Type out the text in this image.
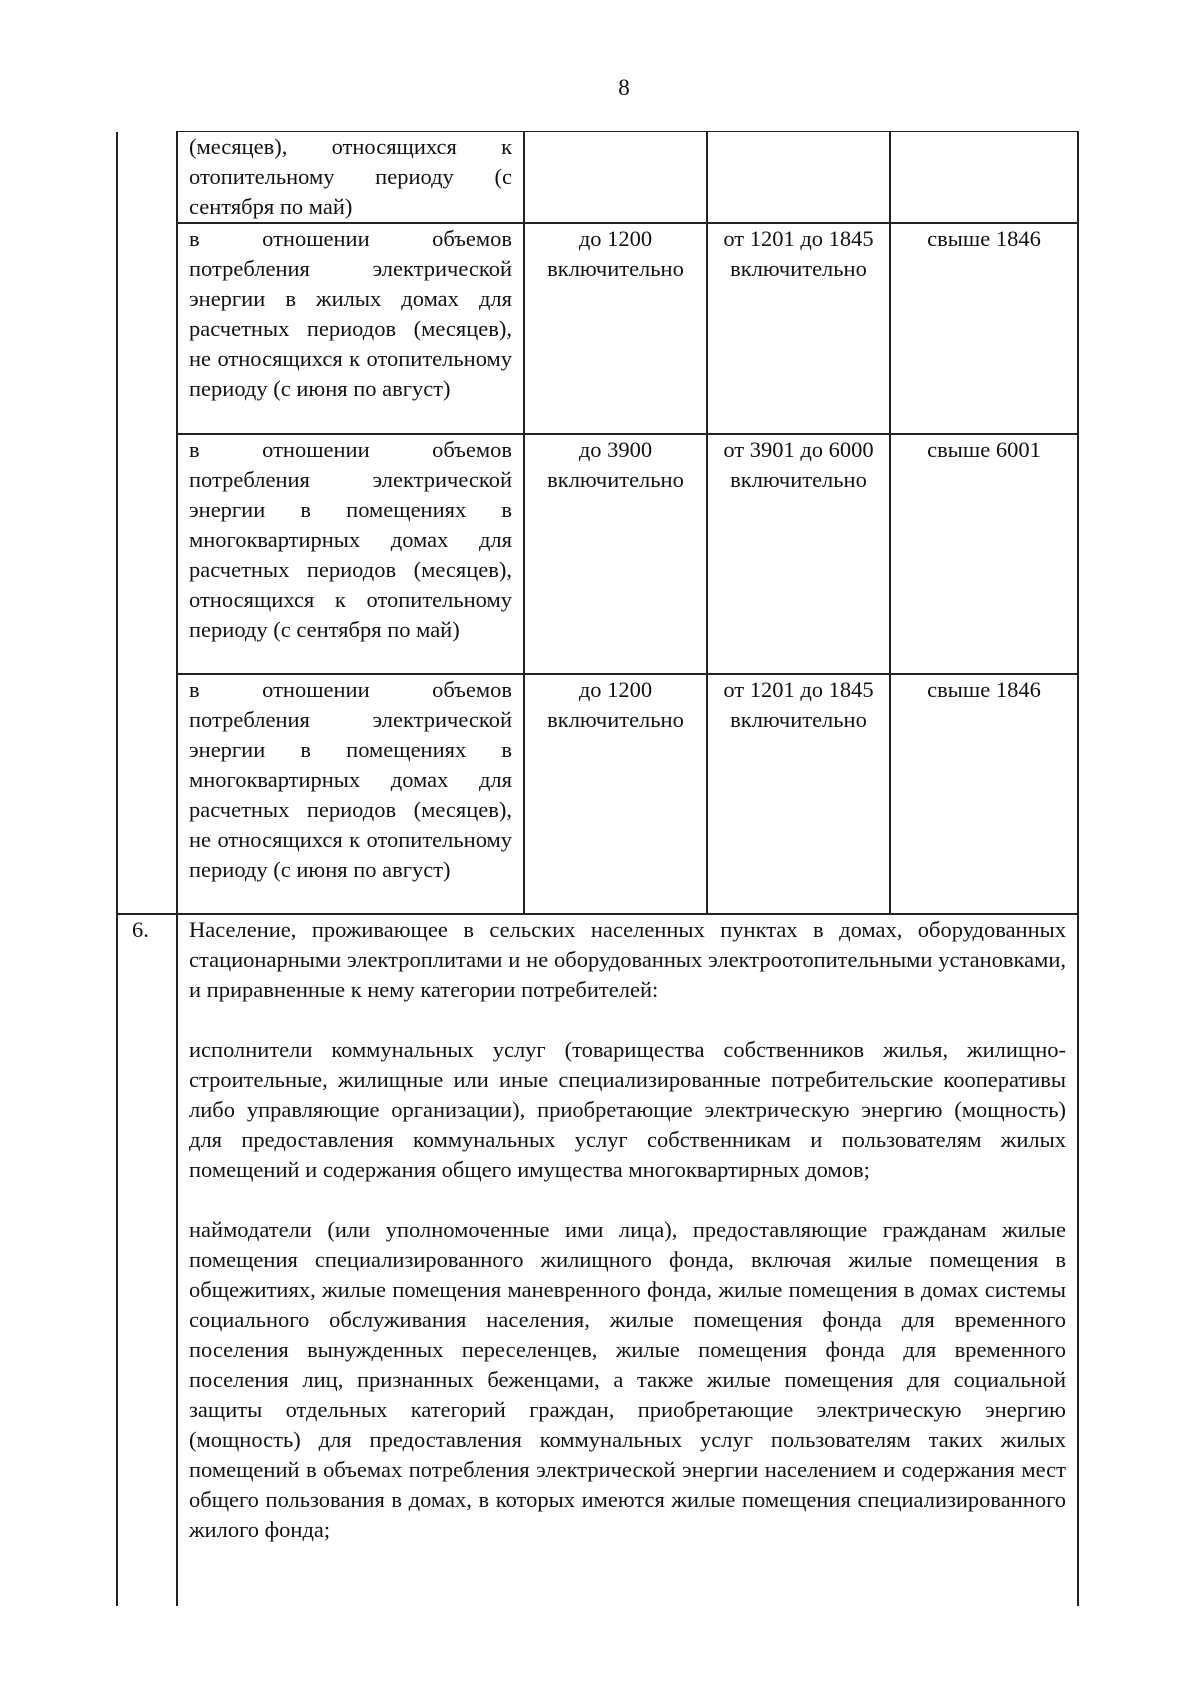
8

	(месяцев), относящихся к отопительному периоду (с сентября по май)			

	в отношении объемов потребления электрической энергии в жилых домах для расчетных периодов (месяцев), не относящихся к отопительному периоду (с июня по август)	до 1200 включительно	от 1201 до 1845 включительно	свыше 1846

	в отношении объемов потребления электрической энергии в помещениях в многоквартирных домах для расчетных периодов (месяцев), относящихся к отопительному периоду (с сентября по май)	до 3900 включительно	от 3901 до 6000 включительно	свыше 6001

	в отношении объемов потребления электрической энергии в помещениях в многоквартирных домах для расчетных периодов (месяцев), не относящихся к отопительному периоду (с июня по август)	до 1200 включительно	от 1201 до 1845 включительно	свыше 1846

6.	Население, проживающее в сельских населенных пунктах в домах, оборудованных стационарными электроплитами и не оборудованных электроотопительными установками, и приравненные к нему категории потребителей:

исполнители коммунальных услуг (товарищества собственников жилья, жилищно-строительные, жилищные или иные специализированные потребительские кооперативы либо управляющие организации), приобретающие электрическую энергию (мощность) для предоставления коммунальных услуг собственникам и пользователям жилых помещений и содержания общего имущества многоквартирных домов;

наймодатели (или уполномоченные ими лица), предоставляющие гражданам жилые помещения специализированного жилищного фонда, включая жилые помещения в общежитиях, жилые помещения маневренного фонда, жилые помещения в домах системы социального обслуживания населения, жилые помещения фонда для временного поселения вынужденных переселенцев, жилые помещения фонда для временного поселения лиц, признанных беженцами, а также жилые помещения для социальной защиты отдельных категорий граждан, приобретающие электрическую энергию (мощность) для предоставления коммунальных услуг пользователям таких жилых помещений в объемах потребления электрической энергии населением и содержания мест общего пользования в домах, в которых имеются жилые помещения специализированного жилого фонда;			
